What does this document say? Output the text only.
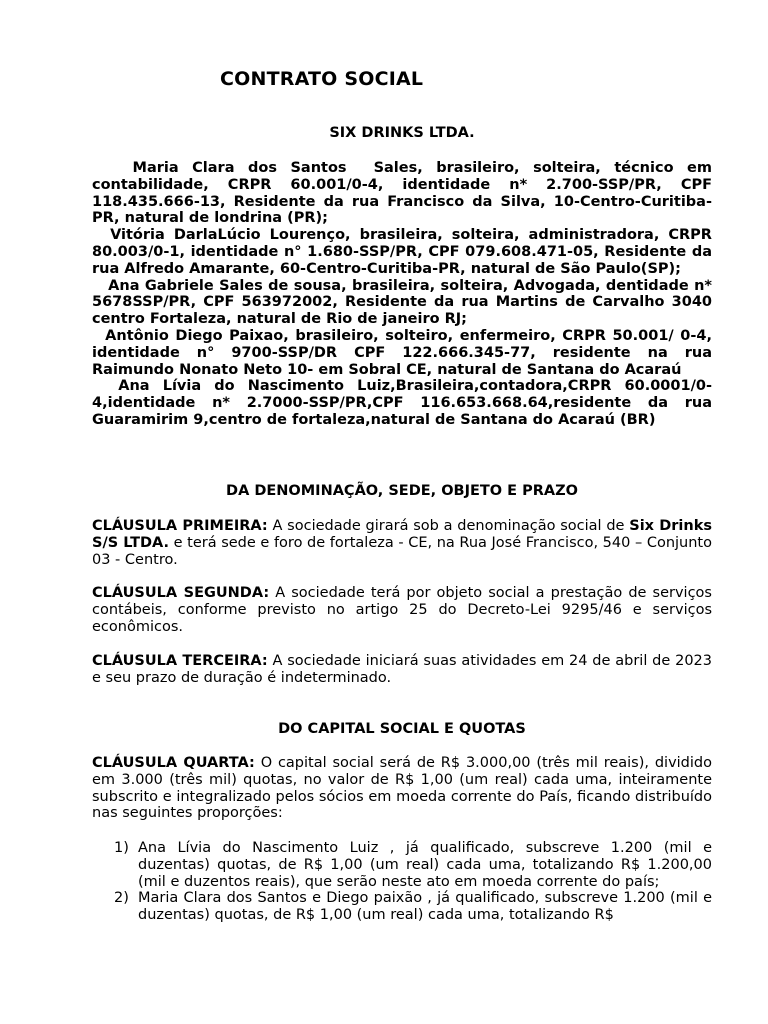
CONTRATO SOCIAL
SIX DRINKS LTDA.
Maria Clara dos Santos  Sales, brasileiro, solteira, técnico em contabilidade, CRPR 60.001/0-4, identidade n* 2.700-SSP/PR, CPF 118.435.666-13, Residente da rua Francisco da Silva, 10-Centro-Curitiba-PR, natural de londrina (PR);
Vitória DarlaLúcio Lourenço, brasileira, solteira, administradora, CRPR 80.003/0-1, identidade n° 1.680-SSP/PR, CPF 079.608.471-05, Residente da rua Alfredo Amarante, 60-Centro-Curitiba-PR, natural de São Paulo(SP);
Ana Gabriele Sales de sousa, brasileira, solteira, Advogada, dentidade n* 5678SSP/PR, CPF 563972002, Residente da rua Martins de Carvalho 3040 centro Fortaleza, natural de Rio de janeiro RJ;
Antônio Diego Paixao, brasileiro, solteiro, enfermeiro, CRPR 50.001/ 0-4, identidade n° 9700-SSP/DR CPF 122.666.345-77, residente na rua Raimundo Nonato Neto 10- em Sobral CE, natural de Santana do Acaraú
Ana Lívia do Nascimento Luiz,Brasileira,contadora,CRPR 60.0001/0-4,identidade n* 2.7000-SSP/PR,CPF 116.653.668.64,residente da rua Guaramirim 9,centro de fortaleza,natural de Santana do Acaraú (BR)
DA DENOMINAÇÃO, SEDE, OBJETO E PRAZO
CLÁUSULA PRIMEIRA: A sociedade girará sob a denominação social de Six Drinks S/S LTDA. e terá sede e foro de fortaleza - CE, na Rua José Francisco, 540 – Conjunto 03 - Centro.
CLÁUSULA SEGUNDA: A sociedade terá por objeto social a prestação de serviços contábeis, conforme previsto no artigo 25 do Decreto-Lei 9295/46 e serviços econômicos.
CLÁUSULA TERCEIRA: A sociedade iniciará suas atividades em 24 de abril de 2023 e seu prazo de duração é indeterminado.
DO CAPITAL SOCIAL E QUOTAS
CLÁUSULA QUARTA: O capital social será de R$ 3.000,00 (três mil reais), dividido em 3.000 (três mil) quotas, no valor de R$ 1,00 (um real) cada uma, inteiramente subscrito e integralizado pelos sócios em moeda corrente do País, ficando distribuído nas seguintes proporções:
1) Ana Lívia do Nascimento Luiz , já qualificado, subscreve 1.200 (mil e duzentas) quotas, de R$ 1,00 (um real) cada uma, totalizando R$ 1.200,00 (mil e duzentos reais), que serão neste ato em moeda corrente do país;
2) Maria Clara dos Santos e Diego paixão , já qualificado, subscreve 1.200 (mil e duzentas) quotas, de R$ 1,00 (um real) cada uma, totalizando R$
